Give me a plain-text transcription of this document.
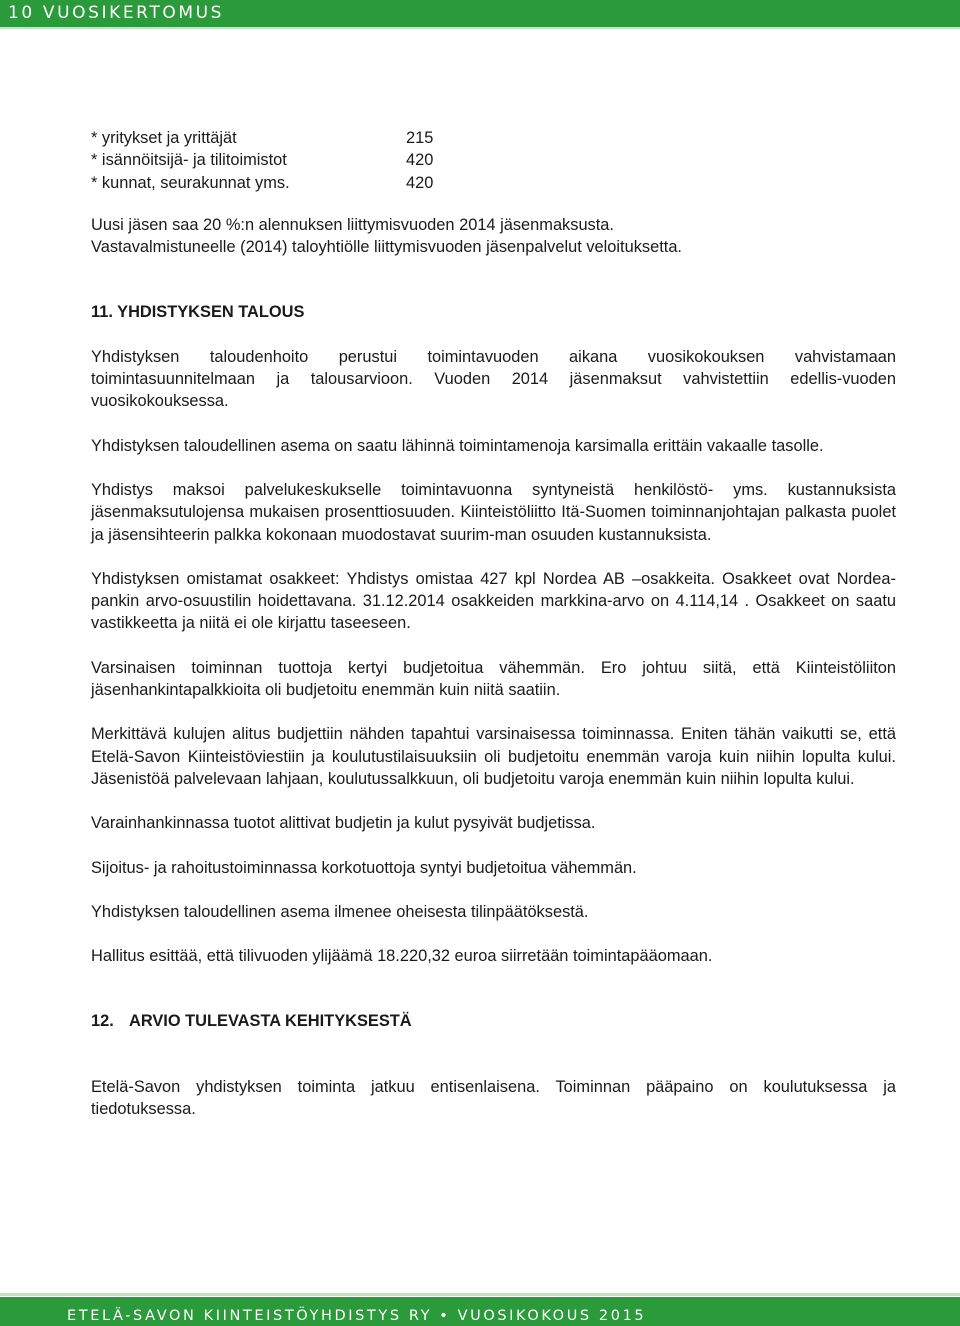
10 VUOSIKERTOMUS
* yritykset ja yrittäjät	215
* isännöitsijä- ja tilitoimistot	420
* kunnat, seurakunnat yms.	420
Uusi jäsen saa 20 %:n alennuksen liittymisvuoden 2014 jäsenmaksusta.
Vastavalmistuneelle (2014) taloyhtiölle liittymisvuoden jäsenpalvelut veloituksetta.
11. YHDISTYKSEN TALOUS

Yhdistyksen taloudenhoito perustui toimintavuoden aikana vuosikokouksen vahvistamaan toimintasuunnitelmaan ja talousarvioon. Vuoden 2014 jäsenmaksut vahvistettiin edellis-vuoden vuosikokouksessa.

Yhdistyksen taloudellinen asema on saatu lähinnä toimintamenoja karsimalla erittäin vakaalle tasolle.

Yhdistys maksoi palvelukeskukselle toimintavuonna syntyneistä henkilöstö- yms. kustannuksista jäsenmaksutulojensa mukaisen prosenttiosuuden. Kiinteistöliitto Itä-Suomen toiminnanjohtajan palkasta puolet ja jäsensihteerin palkka kokonaan muodostavat suurim-man osuuden kustannuksista.

Yhdistyksen omistamat osakkeet: Yhdistys omistaa 427 kpl Nordea AB –osakkeita. Osakkeet ovat Nordea-pankin arvo-osuustilin hoidettavana. 31.12.2014 osakkeiden markkina-arvo on 4.114,14 . Osakkeet on saatu vastikkeetta ja niitä ei ole kirjattu taseeseen.

Varsinaisen toiminnan tuottoja kertyi budjetoitua vähemmän. Ero johtuu siitä, että Kiinteistöliiton jäsenhankintapalkkioita oli budjetoitu enemmän kuin niitä saatiin.

Merkittävä kulujen alitus budjettiin nähden tapahtui varsinaisessa toiminnassa. Eniten tähän vaikutti se, että Etelä-Savon Kiinteistöviestiin ja koulutustilaisuuksiin oli budjetoitu enemmän varoja kuin niihin lopulta kului. Jäsenistöä palvelevaan lahjaan, koulutussalkkuun, oli budjetoitu varoja enemmän kuin niihin lopulta kului.

Varainhankinnassa tuotot alittivat budjetin ja kulut pysyivät budjetissa.

Sijoitus- ja rahoitustoiminnassa korkotuottoja syntyi budjetoitua vähemmän.

Yhdistyksen taloudellinen asema ilmenee oheisesta tilinpäätöksestä.

Hallitus esittää, että tilivuoden ylijäämä 18.220,32 euroa siirretään toimintapääomaan.

12. ARVIO TULEVASTA KEHITYKSESTÄ

Etelä-Savon yhdistyksen toiminta jatkuu entisenlaisena. Toiminnan pääpaino on koulutuksessa ja tiedotuksessa.

ETELÄ-SAVON KIINTEISTÖYHDISTYS RY • VUOSIKOKOUS 2015
